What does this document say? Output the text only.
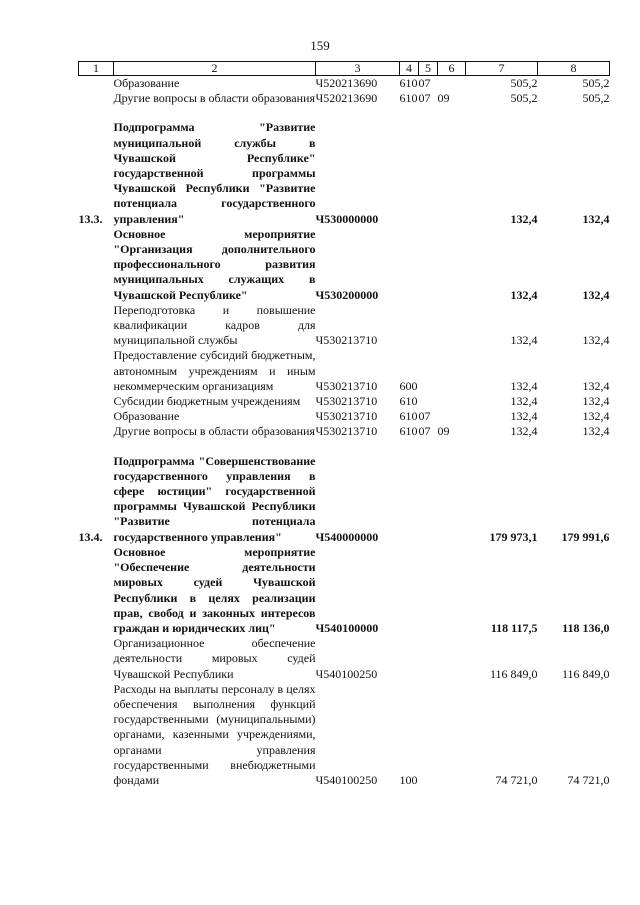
159
1	2	3	4	5	6	7	8
	Образование	Ч520213690	610	07		505,2	505,2
	Другие вопросы в области образования	Ч520213690	610	07	09	505,2	505,2

13.3.	Подпрограмма "Развитие муниципальной службы в Чувашской Республике" государственной программы Чувашской Республики "Развитие потенциала государственного управления"	Ч530000000				132,4	132,4
	Основное мероприятие "Организация дополнительного профессионального развития муниципальных служащих в Чувашской Республике"	Ч530200000				132,4	132,4
	Переподготовка и повышение квалификации кадров для муниципальной службы	Ч530213710				132,4	132,4
	Предоставление субсидий бюджетным, автономным учреждениям и иным некоммерческим организациям	Ч530213710	600			132,4	132,4
	Субсидии бюджетным учреждениям	Ч530213710	610			132,4	132,4
	Образование	Ч530213710	610	07		132,4	132,4
	Другие вопросы в области образования	Ч530213710	610	07	09	132,4	132,4

13.4.	Подпрограмма "Совершенствование государственного управления в сфере юстиции" государственной программы Чувашской Республики "Развитие потенциала государственного управления"	Ч540000000				179 973,1	179 991,6
	Основное мероприятие "Обеспечение деятельности мировых судей Чувашской Республики в целях реализации прав, свобод и законных интересов граждан и юридических лиц"	Ч540100000				118 117,5	118 136,0
	Организационное обеспечение деятельности мировых судей Чувашской Республики	Ч540100250				116 849,0	116 849,0
	Расходы на выплаты персоналу в целях обеспечения выполнения функций государственными (муниципальными) органами, казенными учреждениями, органами управления государственными внебюджетными фондами	Ч540100250	100			74 721,0	74 721,0
